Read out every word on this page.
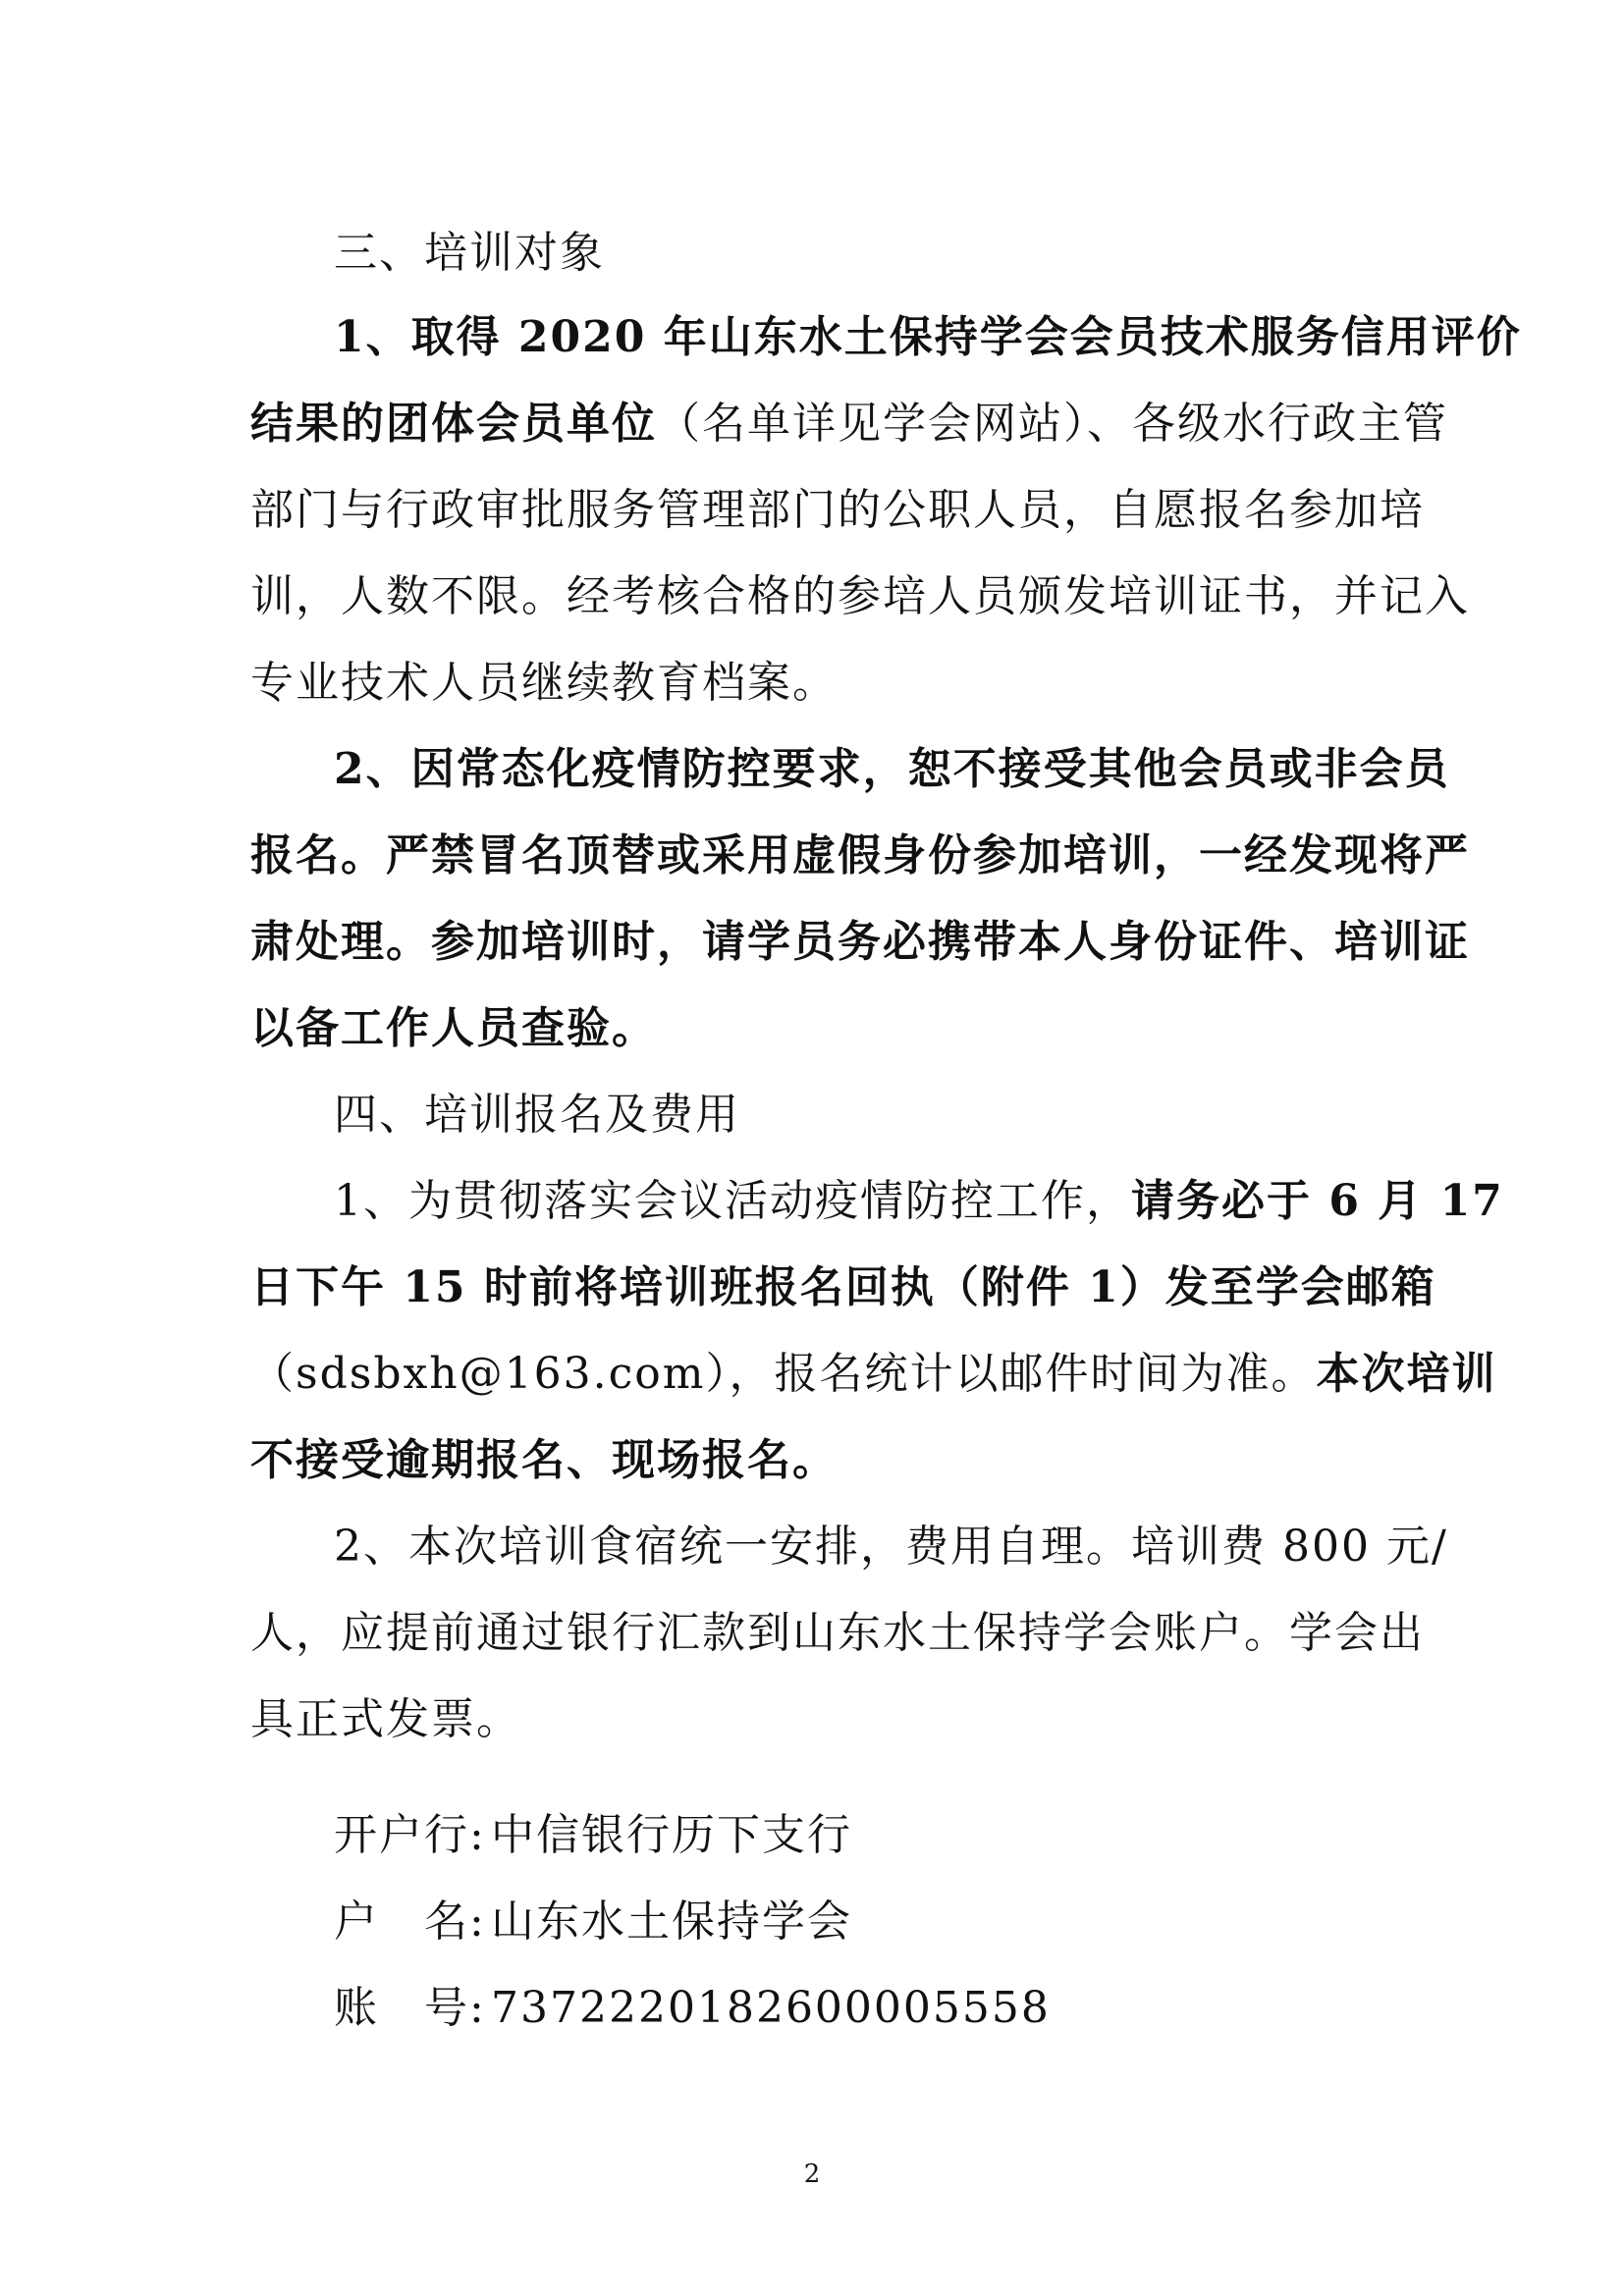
三、培训对象
1、取得 2020 年山东水土保持学会会员技术服务信用评价
结果的团体会员单位（名单详见学会网站）、各级水行政主管
部门与行政审批服务管理部门的公职人员，自愿报名参加培
训，人数不限。经考核合格的参培人员颁发培训证书，并记入
专业技术人员继续教育档案。
2、因常态化疫情防控要求，恕不接受其他会员或非会员
报名。严禁冒名顶替或采用虚假身份参加培训，一经发现将严
肃处理。参加培训时，请学员务必携带本人身份证件、培训证
以备工作人员查验。
四、培训报名及费用
1、为贯彻落实会议活动疫情防控工作，请务必于 6 月 17
日下午 15 时前将培训班报名回执（附件 1）发至学会邮箱
（sdsbxh@163.com），报名统计以邮件时间为准。本次培训
不接受逾期报名、现场报名。
2、本次培训食宿统一安排，费用自理。培训费 800 元/
人，应提前通过银行汇款到山东水土保持学会账户。学会出
具正式发票。
开户行: 中信银行历下支行
户　名: 山东水土保持学会
账　号: 7372220182600005558
2
